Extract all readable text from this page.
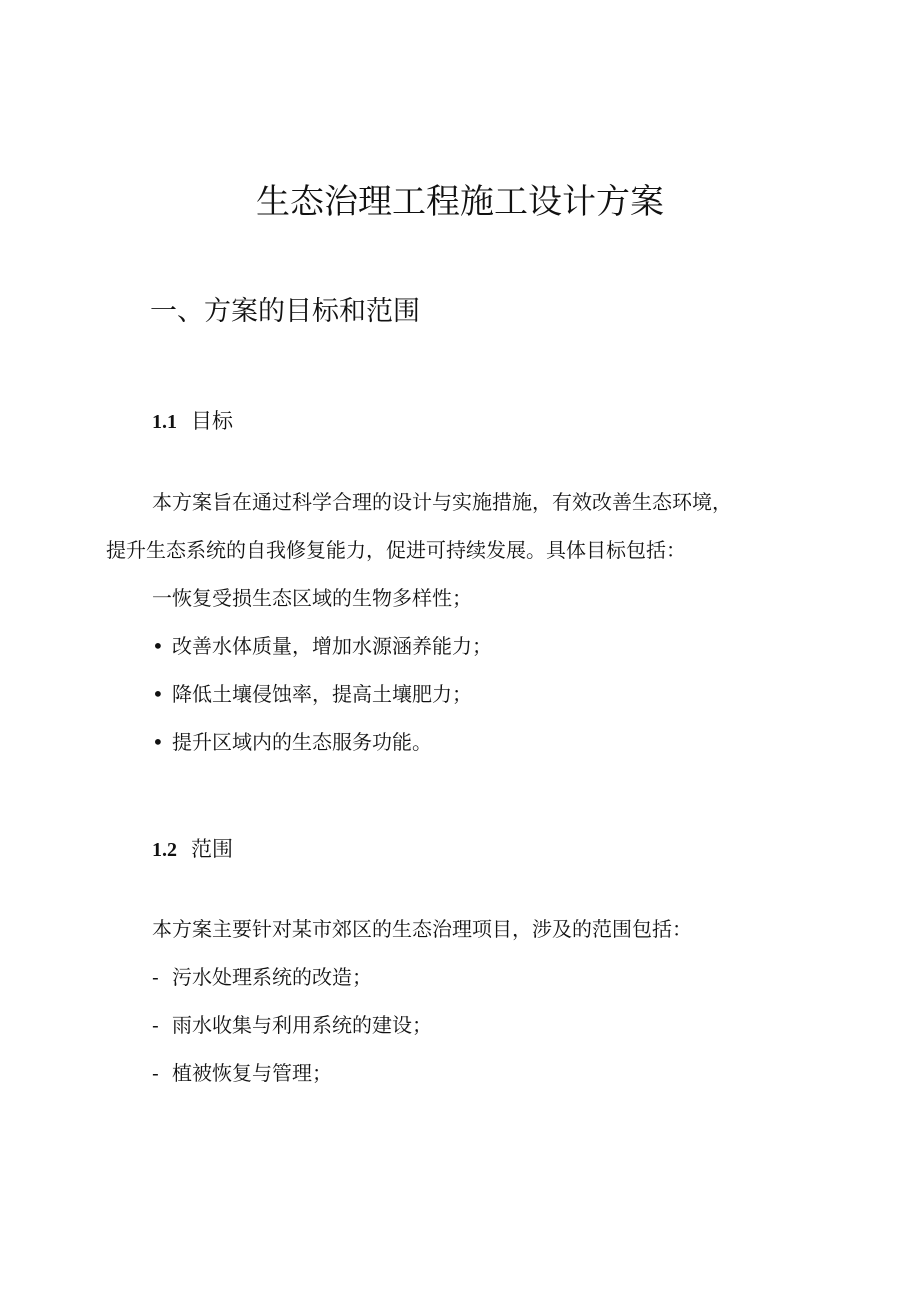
生态治理工程施工设计方案
一、方案的目标和范围
1.1 目标

本方案旨在通过科学合理的设计与实施措施，有效改善生态环境，

提升生态系统的自我修复能力，促进可持续发展。具体目标包括：

一恢复受损生态区域的生物多样性；

• 改善水体质量，增加水源涵养能力；

• 降低土壤侵蚀率，提高土壤肥力；

• 提升区域内的生态服务功能。

1.2 范围

本方案主要针对某市郊区的生态治理项目，涉及的范围包括：

- 污水处理系统的改造；

- 雨水收集与利用系统的建设；

- 植被恢复与管理；
